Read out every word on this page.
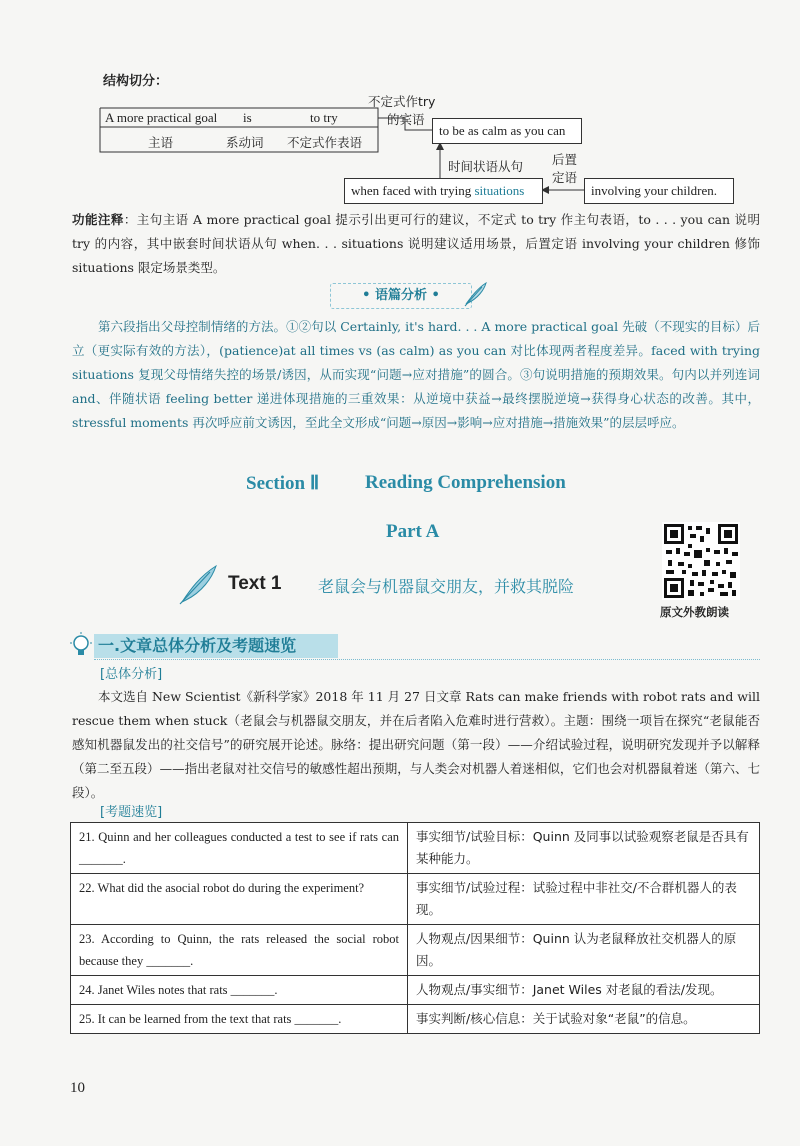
结构切分：
A more practical goal is	to try
主语	系动词 不定式作表语
不定式作try
的宾语
to be as calm as you can
时间状语从句 后置
定语
when faced with trying situations	involving your children.
功能注释：主句主语 A more practical goal 提示引出更可行的建议，不定式 to try 作主句表语，to . . . you can 说明 try 的内容，其中嵌套时间状语从句 when. . . situations 说明建议适用场景，后置定语 involving your children 修饰 situations 限定场景类型。
• 语篇分析 •
第六段指出父母控制情绪的方法。①②句以 Certainly, it's hard. . . A more practical goal 先破（不现实的目标）后立（更实际有效的方法），(patience)at all times vs (as calm) as you can 对比体现两者程度差异。faced with trying situations 复现父母情绪失控的场景/诱因，从而实现“问题→应对措施”的圆合。③句说明措施的预期效果。句内以并列连词 and、伴随状语 feeling better 递进体现措施的三重效果：从逆境中获益→最终摆脱逆境→获得身心状态的改善。其中，stressful moments 再次呼应前文诱因，至此全文形成“问题→原因→影响→应对措施→措施效果”的层层呼应。
Section Ⅱ Reading Comprehension
Part A
Text 1 老鼠会与机器鼠交朋友，并救其脱险
原文外教朗读
一.文章总体分析及考题速览
[总体分析]
本文选自 New Scientist《新科学家》2018 年 11 月 27 日文章 Rats can make friends with robot rats and will rescue them when stuck（老鼠会与机器鼠交朋友，并在后者陷入危难时进行营救）。主题：围绕一项旨在探究“老鼠能否感知机器鼠发出的社交信号”的研究展开论述。脉络：提出研究问题（第一段）——介绍试验过程，说明研究发现并予以解释（第二至五段）——指出老鼠对社交信号的敏感性超出预期，与人类会对机器人着迷相似，它们也会对机器鼠着迷（第六、七段）。
[考题速览]
21. Quinn and her colleagues conducted a test to see if rats can _______.	事实细节/试验目标：Quinn 及同事以试验观察老鼠是否具有某种能力。
22. What did the asocial robot do during the experiment?	事实细节/试验过程：试验过程中非社交/不合群机器人的表现。
23. According to Quinn, the rats released the social robot because they _______.	人物观点/因果细节：Quinn 认为老鼠释放社交机器人的原因。
24. Janet Wiles notes that rats _______.	人物观点/事实细节：Janet Wiles 对老鼠的看法/发现。
25. It can be learned from the text that rats _______.	事实判断/核心信息：关于试验对象“老鼠”的信息。
10
